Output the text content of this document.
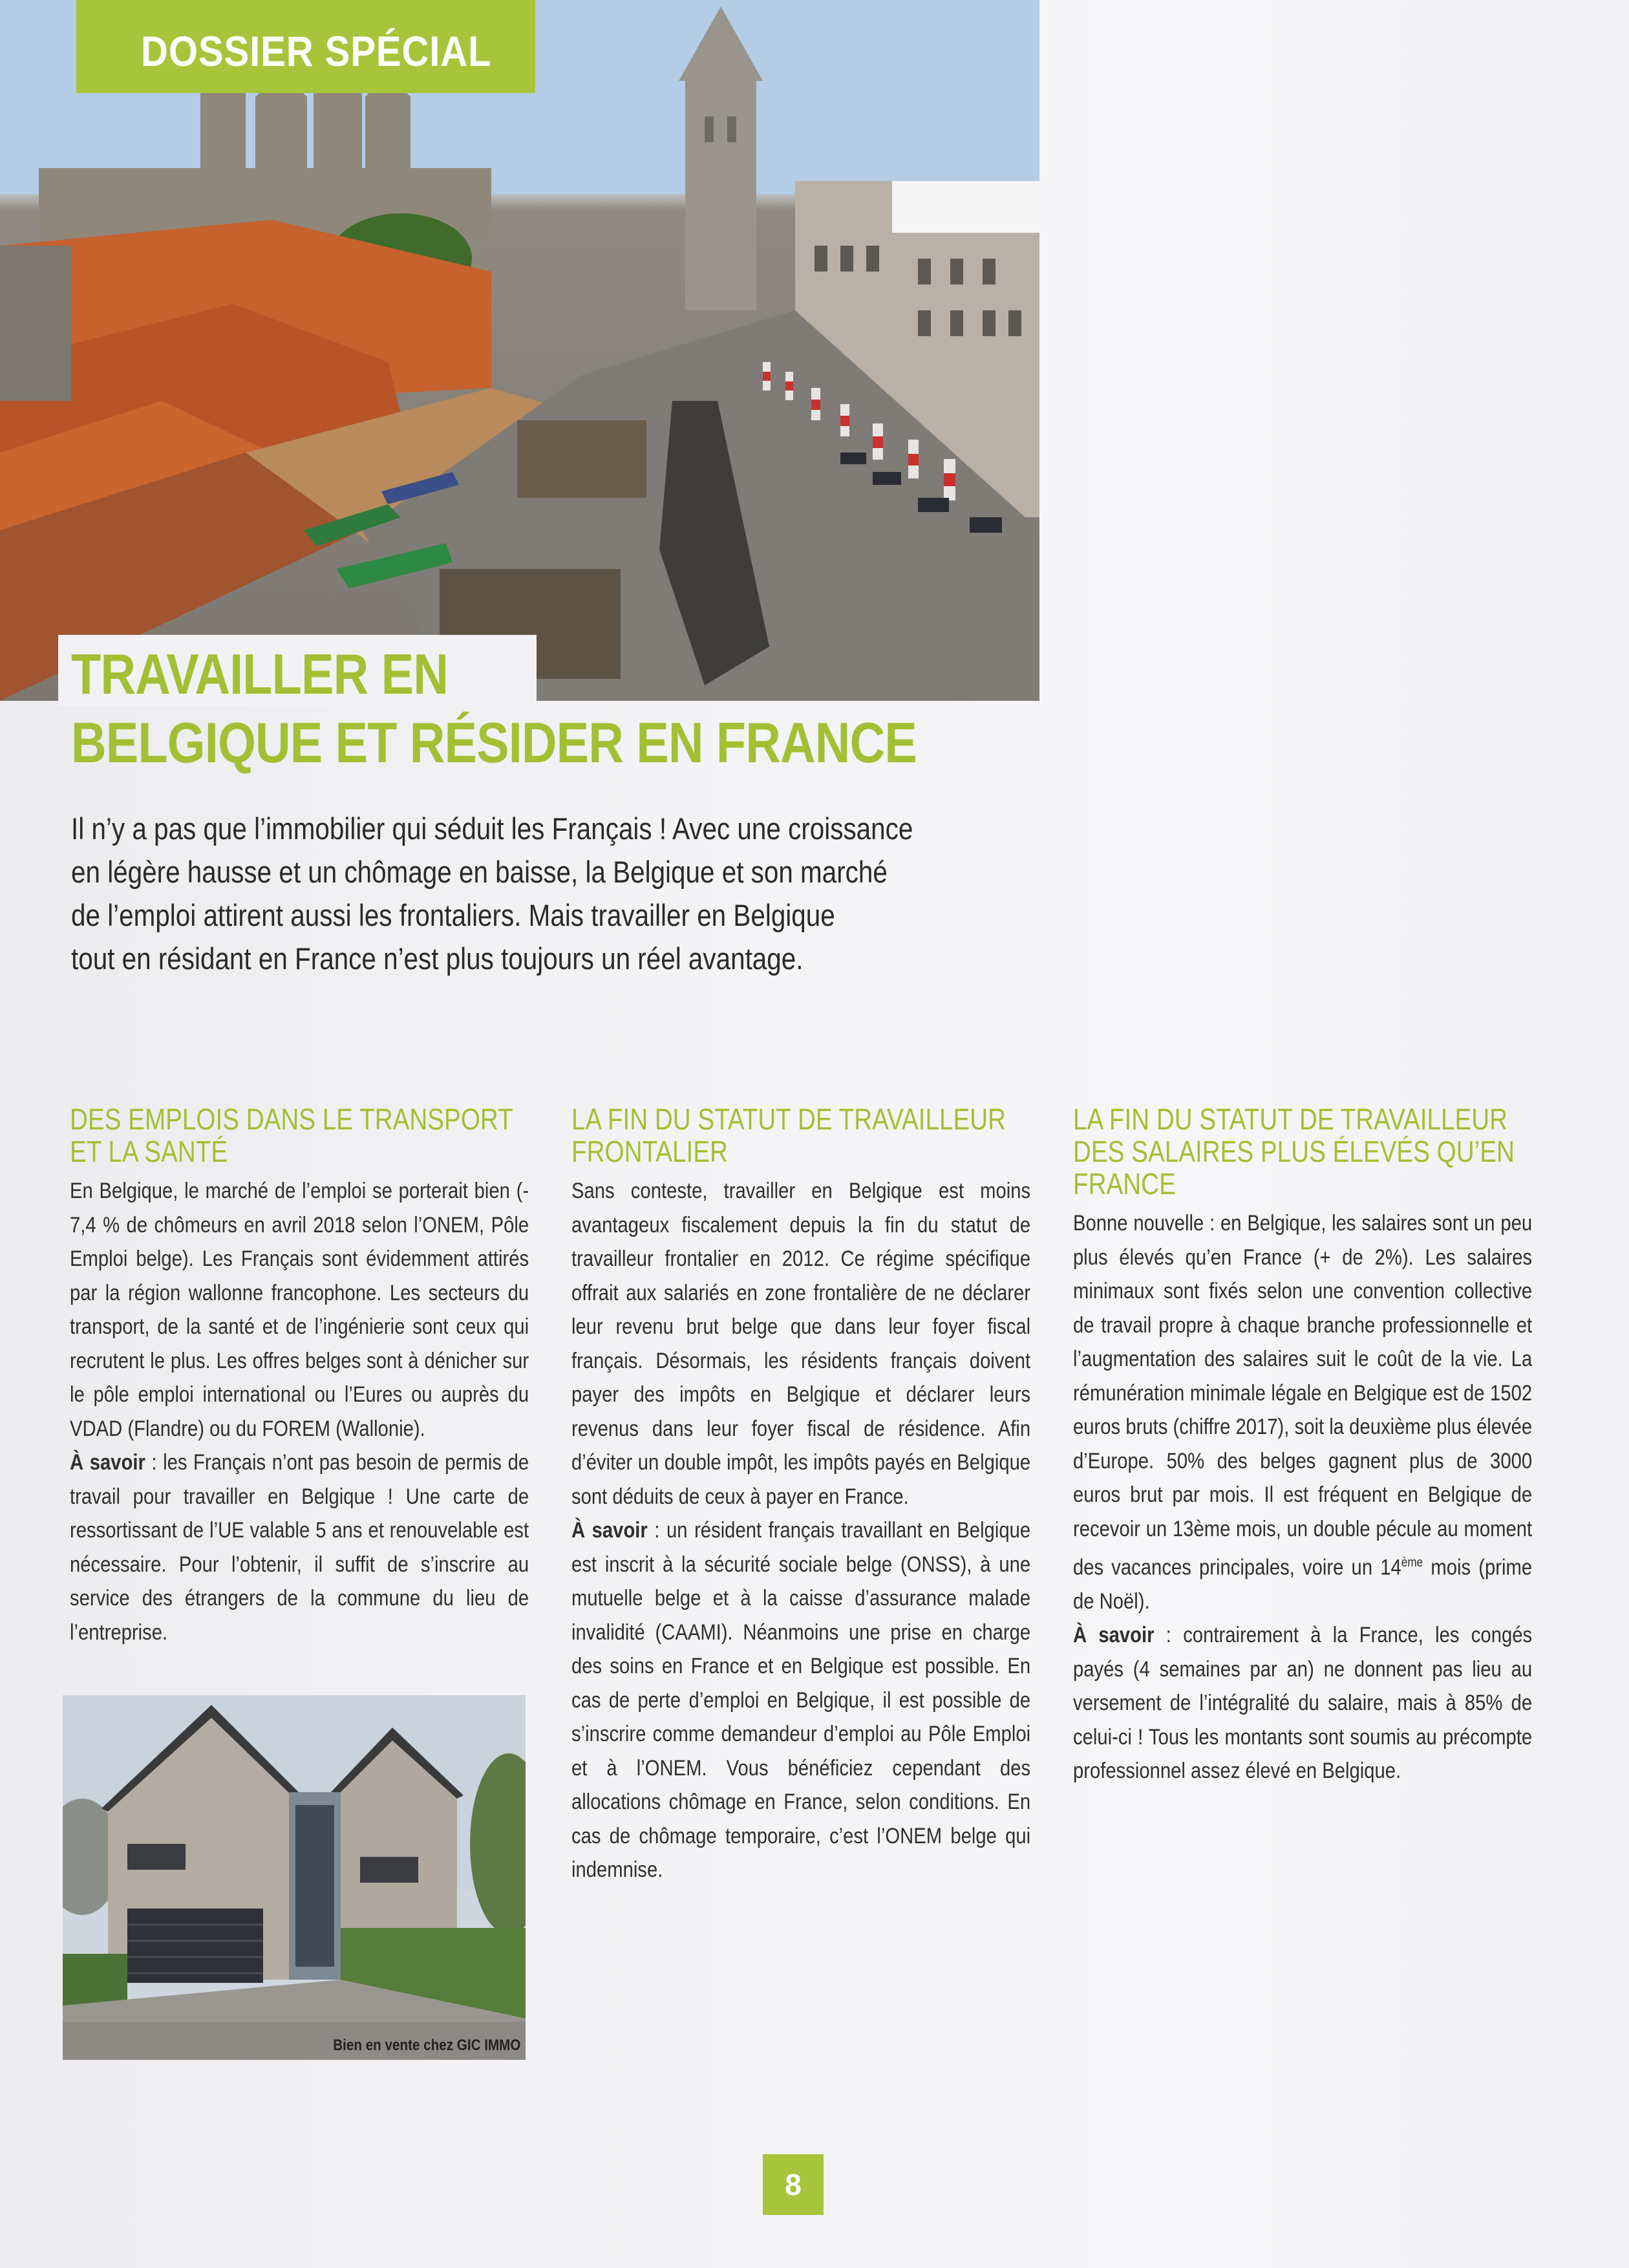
DOSSIER SPÉCIAL
TRAVAILLER EN
BELGIQUE ET RÉSIDER EN FRANCE
Il n’y a pas que l’immobilier qui séduit les Français ! Avec une croissance
en légère hausse et un chômage en baisse, la Belgique et son marché
de l’emploi attirent aussi les frontaliers. Mais travailler en Belgique
tout en résidant en France n’est plus toujours un réel avantage.
DES EMPLOIS DANS LE TRANSPORT ET LA SANTÉ

En Belgique, le marché de l’emploi se porterait bien (- 7,4 % de chômeurs en avril 2018 selon l’ONEM, Pôle Emploi belge). Les Français sont évidemment attirés par la région wallonne francophone. Les secteurs du transport, de la santé et de l’ingénierie sont ceux qui recrutent le plus. Les offres belges sont à dénicher sur le pôle emploi international ou l’Eures ou auprès du VDAD (Flandre) ou du FOREM (Wallonie).
À savoir : les Français n’ont pas besoin de permis de travail pour travailler en Belgique ! Une carte de ressortissant de l’UE valable 5 ans et renouvelable est nécessaire. Pour l’obtenir, il suffit de s’inscrire au service des étrangers de la commune du lieu de l’entreprise.

Bien en vente chez GIC IMMO
LA FIN DU STATUT DE TRAVAILLEUR FRONTALIER

Sans conteste, travailler en Belgique est moins avantageux fiscalement depuis la fin du statut de travailleur frontalier en 2012. Ce régime spécifique offrait aux salariés en zone frontalière de ne déclarer leur revenu brut belge que dans leur foyer fiscal français. Désormais, les résidents français doivent payer des impôts en Belgique et déclarer leurs revenus dans leur foyer fiscal de résidence. Afin d’éviter un double impôt, les impôts payés en Belgique sont déduits de ceux à payer en France.
À savoir : un résident français travaillant en Belgique est inscrit à la sécurité sociale belge (ONSS), à une mutuelle belge et à la caisse d’assurance malade invalidité (CAAMI). Néanmoins une prise en charge des soins en France et en Belgique est possible. En cas de perte d’emploi en Belgique, il est possible de s’inscrire comme demandeur d’emploi au Pôle Emploi et à l’ONEM. Vous bénéficiez cependant des allocations chômage en France, selon conditions. En cas de chômage temporaire, c’est l’ONEM belge qui indemnise.

LA FIN DU STATUT DE TRAVAILLEUR DES SALAIRES PLUS ÉLEVÉS QU’EN FRANCE

Bonne nouvelle : en Belgique, les salaires sont un peu plus élevés qu’en France (+ de 2%). Les salaires minimaux sont fixés selon une convention collective de travail propre à chaque branche professionnelle et l’augmentation des salaires suit le coût de la vie. La rémunération minimale légale en Belgique est de 1502 euros bruts (chiffre 2017), soit la deuxième plus élevée d’Europe. 50% des belges gagnent plus de 3000 euros brut par mois. Il est fréquent en Belgique de recevoir un 13ème mois, un double pécule au moment des vacances principales, voire un 14ème mois (prime de Noël).
À savoir : contrairement à la France, les congés payés (4 semaines par an) ne donnent pas lieu au versement de l’intégralité du salaire, mais à 85% de celui-ci ! Tous les montants sont soumis au précompte professionnel assez élevé en Belgique.

8
